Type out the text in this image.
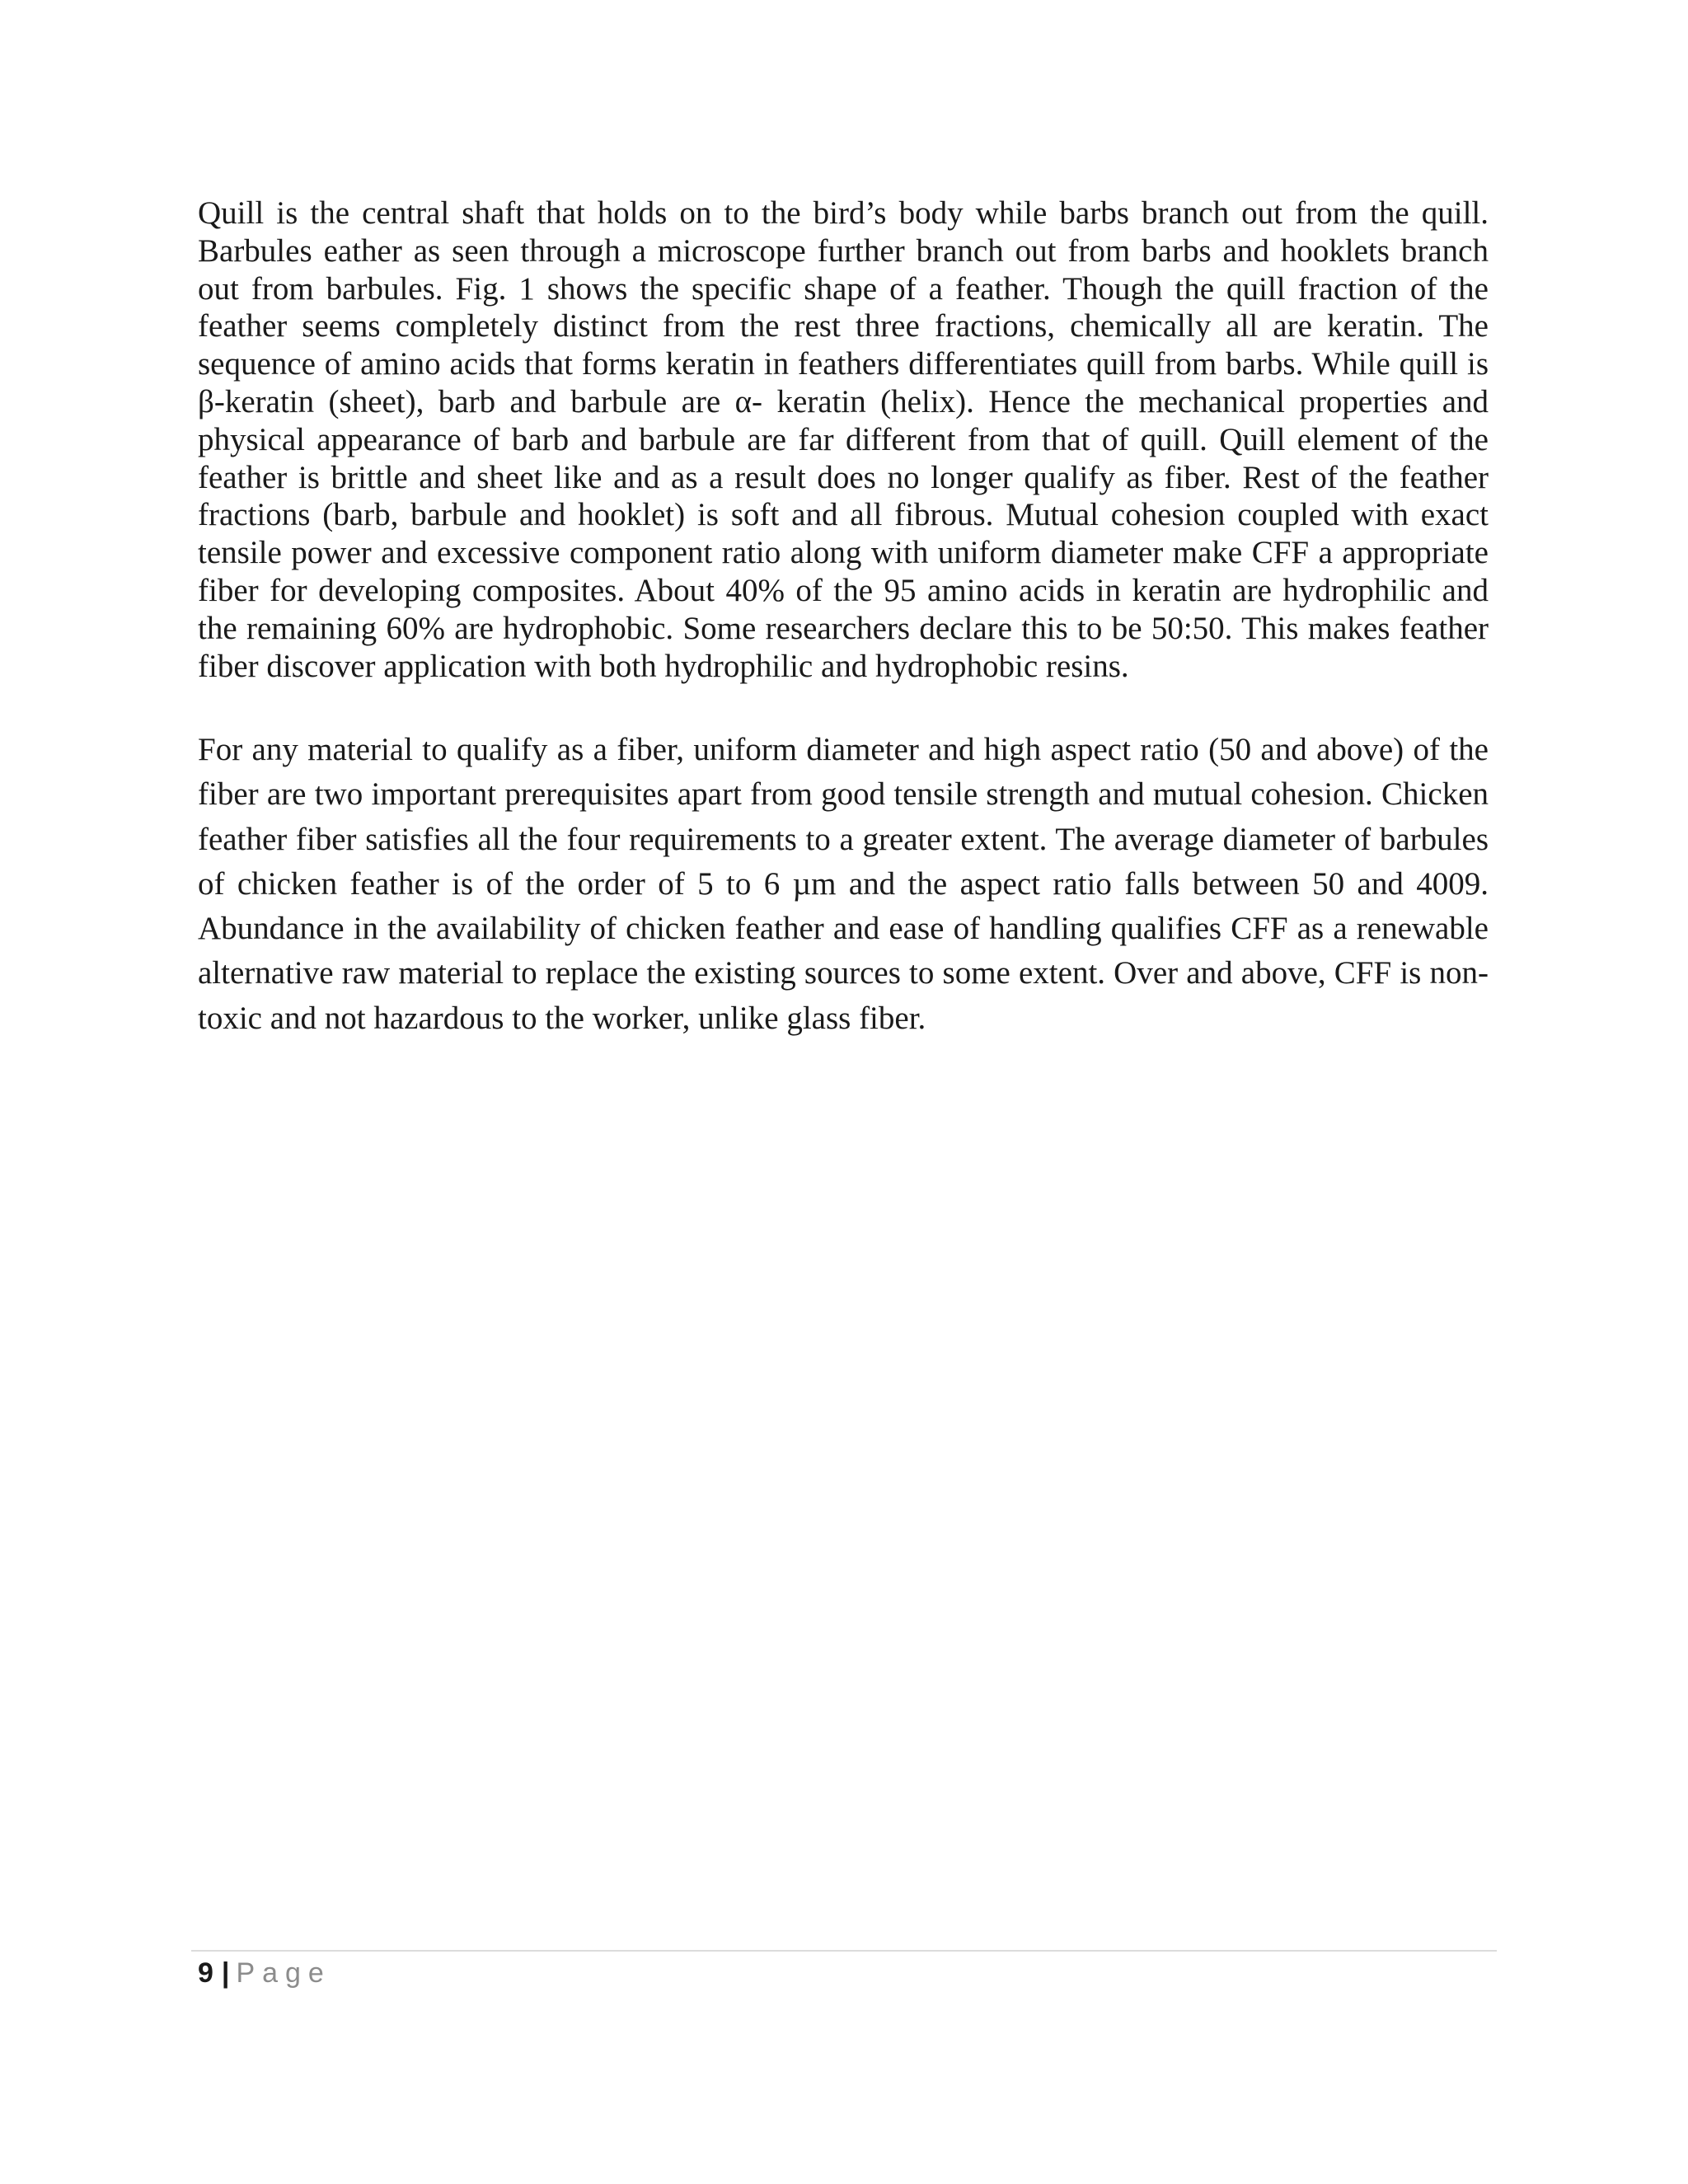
Quill is the central shaft that holds on to the bird’s body while barbs branch out from the quill. Barbules eather as seen through a microscope further branch out from barbs and hooklets branch out from barbules. Fig. 1 shows the specific shape of a feather. Though the quill fraction of the feather seems completely distinct from the rest three fractions, chemically all are keratin. The sequence of amino acids that forms keratin in feathers differentiates quill from barbs. While quill is β-keratin (sheet), barb and barbule are α- keratin (helix). Hence the mechanical properties and physical appearance of barb and barbule are far different from that of quill. Quill element of the feather is brittle and sheet like and as a result does no longer qualify as fiber. Rest of the feather fractions (barb, barbule and hooklet) is soft and all fibrous. Mutual cohesion coupled with exact tensile power and excessive component ratio along with uniform diameter make CFF a appropriate fiber for developing composites. About 40% of the 95 amino acids in keratin are hydrophilic and the remaining 60% are hydrophobic. Some researchers declare this to be 50:50. This makes feather fiber discover application with both hydrophilic and hydrophobic resins.

For any material to qualify as a fiber, uniform diameter and high aspect ratio (50 and above) of the fiber are two important prerequisites apart from good tensile strength and mutual cohesion. Chicken feather fiber satisfies all the four requirements to a greater extent. The average diameter of barbules of chicken feather is of the order of 5 to 6 µm and the aspect ratio falls between 50 and 4009. Abundance in the availability of chicken feather and ease of handling qualifies CFF as a renewable alternative raw material to replace the existing sources to some extent. Over and above, CFF is non-toxic and not hazardous to the worker, unlike glass fiber.

9 | Page
